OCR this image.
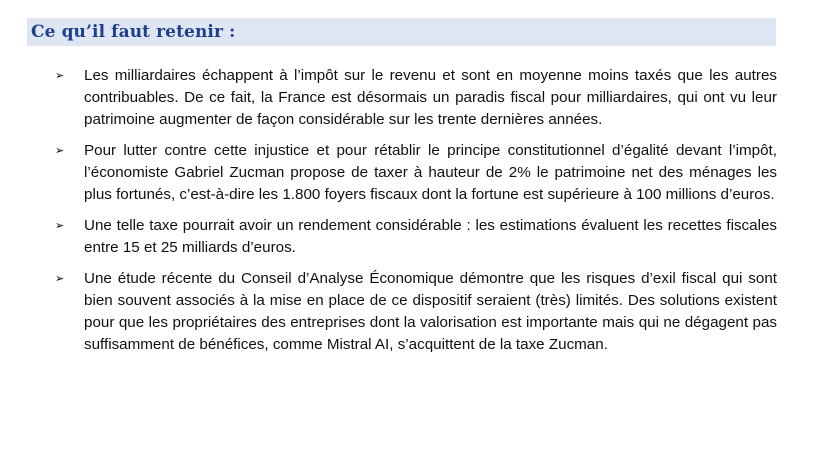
Ce qu’il faut retenir :
➢	Les milliardaires échappent à l’impôt sur le revenu et sont en moyenne moins taxés que les autres contribuables. De ce fait, la France est désormais un paradis fiscal pour milliardaires, qui ont vu leur patrimoine augmenter de façon considérable sur les trente dernières années.
➢	Pour lutter contre cette injustice et pour rétablir le principe constitutionnel d’égalité devant l’impôt, l’économiste Gabriel Zucman propose de taxer à hauteur de 2% le patrimoine net des ménages les plus fortunés, c’est-à-dire les 1.800 foyers fiscaux dont la fortune est supérieure à 100 millions d’euros.
➢	Une telle taxe pourrait avoir un rendement considérable : les estimations évaluent les recettes fiscales entre 15 et 25 milliards d’euros.
➢	Une étude récente du Conseil d’Analyse Économique démontre que les risques d’exil fiscal qui sont bien souvent associés à la mise en place de ce dispositif seraient (très) limités. Des solutions existent pour que les propriétaires des entreprises dont la valorisation est importante mais qui ne dégagent pas suffisamment de bénéfices, comme Mistral AI, s’acquittent de la taxe Zucman.
